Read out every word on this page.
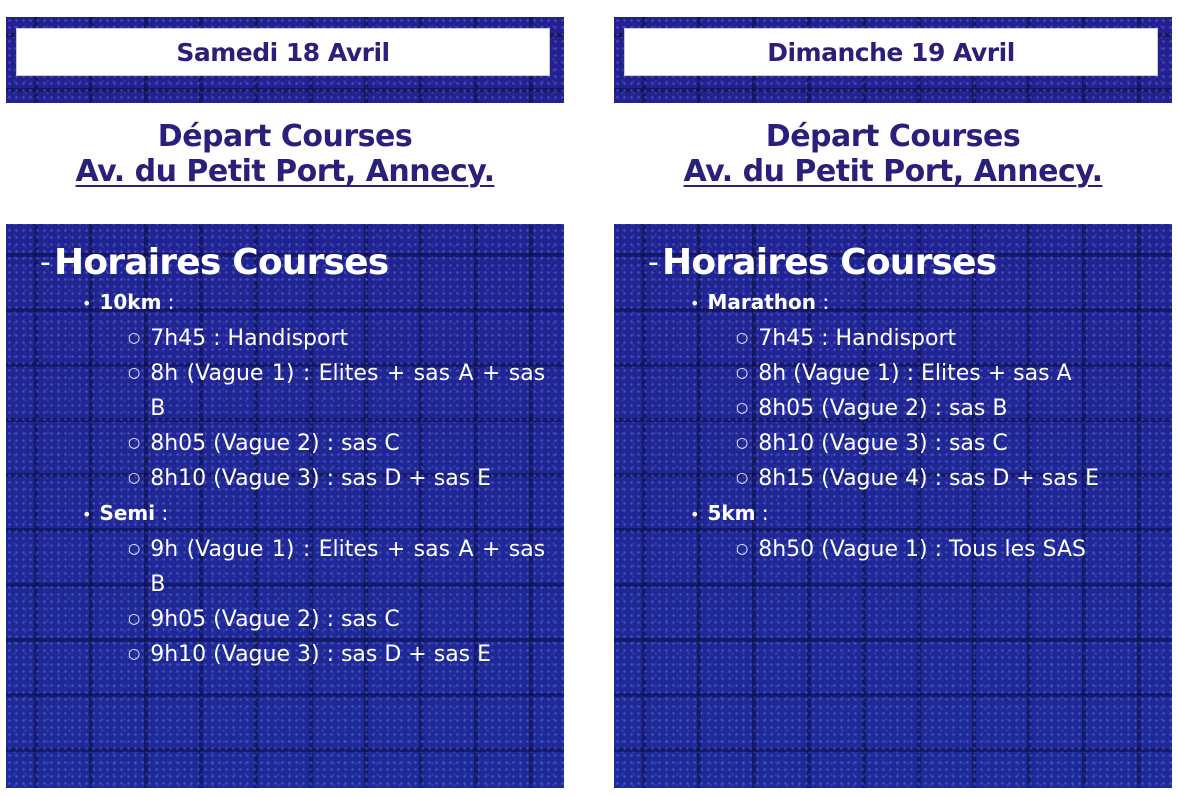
Samedi 18 Avril
Départ Courses
Av. du Petit Port, Annecy.
- Horaires Courses
• 10km :
○ 7h45 : Handisport
○ 8h (Vague 1) : Elites + sas A + sas B
○ 8h05 (Vague 2) : sas C
○ 8h10 (Vague 3) : sas D + sas E
• Semi :
○ 9h (Vague 1) : Elites + sas A + sas B
○ 9h05 (Vague 2) : sas C
○ 9h10 (Vague 3) : sas D + sas E
Dimanche 19 Avril
Départ Courses
Av. du Petit Port, Annecy.
- Horaires Courses
• Marathon :
○ 7h45 : Handisport
○ 8h (Vague 1) : Elites + sas A
○ 8h05 (Vague 2) : sas B
○ 8h10 (Vague 3) : sas C
○ 8h15 (Vague 4) : sas D + sas E
• 5km :
○ 8h50 (Vague 1) : Tous les SAS
